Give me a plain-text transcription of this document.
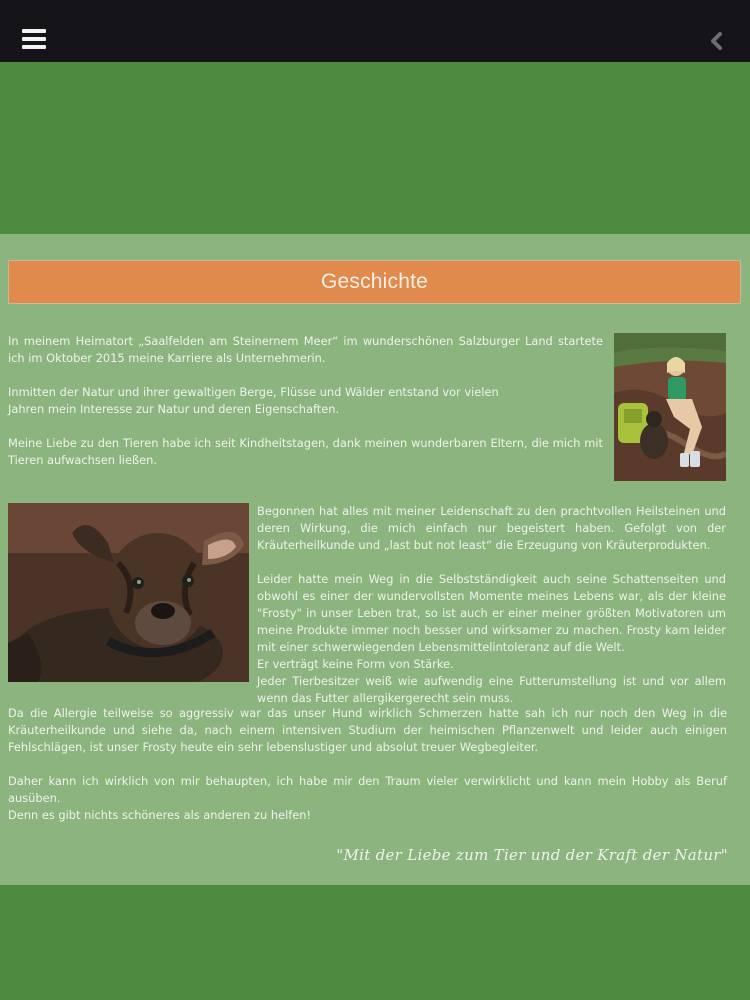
Geschichte

In meinem Heimatort „Saalfelden am Steinernem Meer“ im wunderschönen Salzburger Land startete ich im Oktober 2015 meine Karriere als Unternehmerin.

Inmitten der Natur und ihrer gewaltigen Berge, Flüsse und Wälder entstand vor vielen
Jahren mein Interesse zur Natur und deren Eigenschaften.

Meine Liebe zu den Tieren habe ich seit Kindheitstagen, dank meinen wunderbaren Eltern, die mich mit Tieren aufwachsen ließen.

Begonnen hat alles mit meiner Leidenschaft zu den prachtvollen Heilsteinen und deren Wirkung, die mich einfach nur begeistert haben. Gefolgt von der Kräuterheilkunde und „last but not least“ die Erzeugung von Kräuterprodukten.

Leider hatte mein Weg in die Selbstständigkeit auch seine Schattenseiten und obwohl es einer der wundervollsten Momente meines Lebens war, als der kleine "Frosty" in unser Leben trat, so ist auch er einer meiner größten Motivatoren um meine Produkte immer noch besser und wirksamer zu machen. Frosty kam leider mit einer schwerwiegenden Lebensmittelintoleranz auf die Welt.

Er verträgt keine Form von Stärke.

Jeder Tierbesitzer weiß wie aufwendig eine Futterumstellung ist und vor allem wenn das Futter allergikergerecht sein muss.

Da die Allergie teilweise so aggressiv war das unser Hund wirklich Schmerzen hatte sah ich nur noch den Weg in die Kräuterheilkunde und siehe da, nach einem intensiven Studium der heimischen Pflanzenwelt und leider auch einigen Fehlschlägen, ist unser Frosty heute ein sehr lebenslustiger und absolut treuer Wegbegleiter.

Daher kann ich wirklich von mir behaupten, ich habe mir den Traum vieler verwirklicht und kann mein Hobby als Beruf ausüben.

Denn es gibt nichts schöneres als anderen zu helfen!

"Mit der Liebe zum Tier und der Kraft der Natur"
